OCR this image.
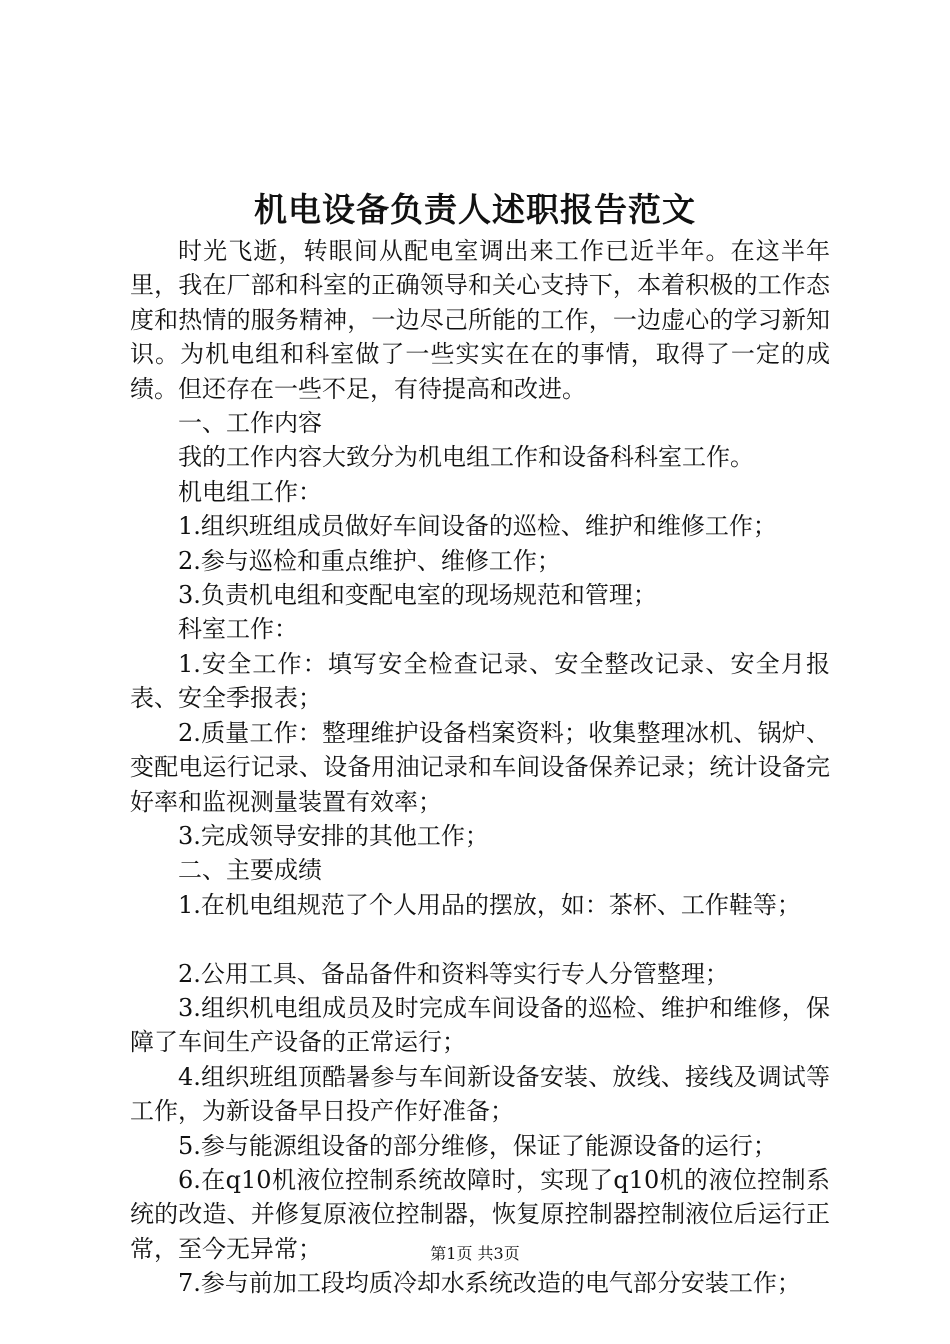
机电设备负责人述职报告范文

时光飞逝，转眼间从配电室调出来工作已近半年。在这半年里，我在厂部和科室的正确领导和关心支持下，本着积极的工作态度和热情的服务精神，一边尽己所能的工作，一边虚心的学习新知识。为机电组和科室做了一些实实在在的事情，取得了一定的成绩。但还存在一些不足，有待提高和改进。

一、工作内容

我的工作内容大致分为机电组工作和设备科科室工作。

机电组工作：

1.组织班组成员做好车间设备的巡检、维护和维修工作；

2.参与巡检和重点维护、维修工作；

3.负责机电组和变配电室的现场规范和管理；

科室工作：

1.安全工作：填写安全检查记录、安全整改记录、安全月报表、安全季报表；

2.质量工作：整理维护设备档案资料；收集整理冰机、锅炉、变配电运行记录、设备用油记录和车间设备保养记录；统计设备完好率和监视测量装置有效率；

3.完成领导安排的其他工作；

二、主要成绩

1.在机电组规范了个人用品的摆放，如：茶杯、工作鞋等；

2.公用工具、备品备件和资料等实行专人分管整理；

3.组织机电组成员及时完成车间设备的巡检、维护和维修，保障了车间生产设备的正常运行；

4.组织班组顶酷暑参与车间新设备安装、放线、接线及调试等工作，为新设备早日投产作好准备；

5.参与能源组设备的部分维修，保证了能源设备的运行；

6.在q10机液位控制系统故障时，实现了q10机的液位控制系统的改造、并修复原液位控制器，恢复原控制器控制液位后运行正常，至今无异常；

7.参与前加工段均质冷却水系统改造的电气部分安装工作；

第1页 共3页
